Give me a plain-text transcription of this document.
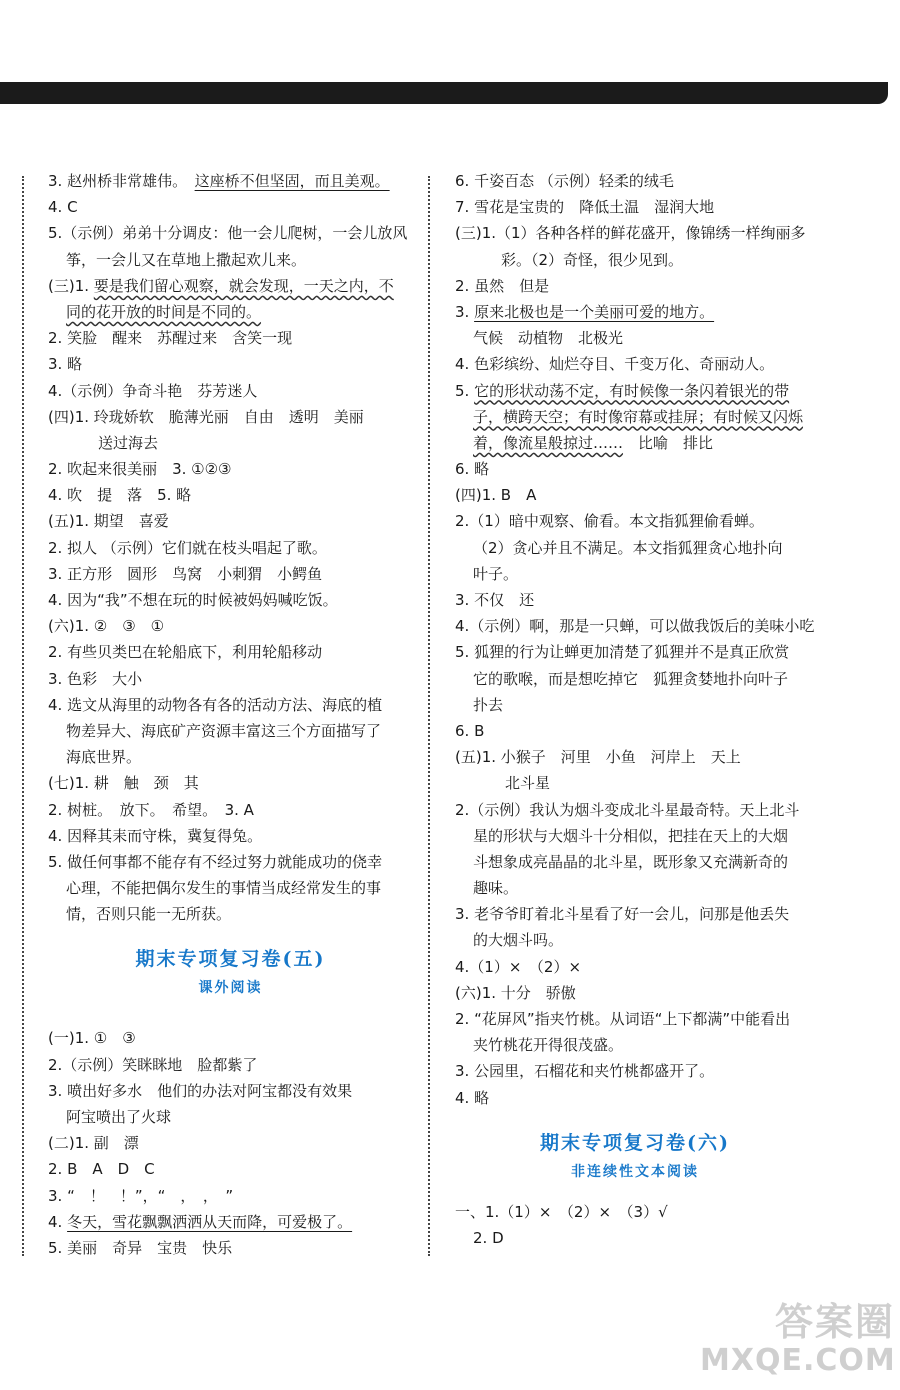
3. 赵州桥非常雄伟。　 这座桥不但坚固，而且美观。
4. C
5.（示例）弟弟十分调皮：他一会儿爬树，一会儿放风
筝，一会儿又在草地上撒起欢儿来。
(三)1. 要是我们留心观察，就会发现，一天之内，不
同的花开放的时间是不同的。
2. 笑脸　醒来　苏醒过来　含笑一现
3. 略
4.（示例）争奇斗艳　芬芳迷人
(四)1. 玲珑娇软　脆薄光丽　自由　透明　美丽
送过海去
2. 吹起来很美丽　3. ①②③
4. 吹　提　落　5. 略
(五)1. 期望　喜爱
2. 拟人 （示例）它们就在枝头唱起了歌。
3. 正方形　圆形　鸟窝　小刺猬　小鳄鱼
4. 因为“我”不想在玩的时候被妈妈喊吃饭。
(六)1. ②　③　①
2. 有些贝类巴在轮船底下，利用轮船移动
3. 色彩　大小
4. 选文从海里的动物各有各的活动方法、海底的植
物差异大、海底矿产资源丰富这三个方面描写了
海底世界。
(七)1. 耕　触　颈　其
2. 树桩。　放下。　希望。　3. A
4. 因释其耒而守株，冀复得兔。
5. 做任何事都不能存有不经过努力就能成功的侥幸
心理，不能把偶尔发生的事情当成经常发生的事
情，否则只能一无所获。
期末专项复习卷(五)
课外阅读
(一)1. ①　③
2.（示例）笑眯眯地　脸都紫了
3. 喷出好多水　他们的办法对阿宝都没有效果
阿宝喷出了火球
(二)1. 副　漂
2. B　A　D　C
3. “　！　！”，“　，　，　”
4. 冬天，雪花飘飘洒洒从天而降，可爱极了。
5. 美丽　奇异　宝贵　快乐
6. 千姿百态 （示例）轻柔的绒毛
7. 雪花是宝贵的　降低土温　湿润大地
(三)1.（1）各种各样的鲜花盛开，像锦绣一样绚丽多
彩。（2）奇怪，很少见到。
2. 虽然　但是
3. 原来北极也是一个美丽可爱的地方。
气候　动植物　北极光
4. 色彩缤纷、灿烂夺目、千变万化、奇丽动人。
5. 它的形状动荡不定，有时候像一条闪着银光的带
子，横跨天空；有时像帘幕或挂屏；有时候又闪烁
着，像流星般掠过……　比喻　排比
6. 略
(四)1. B　A
2.（1）暗中观察、偷看。本文指狐狸偷看蝉。
（2）贪心并且不满足。本文指狐狸贪心地扑向
叶子。
3. 不仅　还
4.（示例）啊，那是一只蝉，可以做我饭后的美味小吃
5. 狐狸的行为让蝉更加清楚了狐狸并不是真正欣赏
它的歌喉，而是想吃掉它　狐狸贪婪地扑向叶子
扑去
6. B
(五)1. 小猴子　河里　小鱼　河岸上　天上
北斗星
2.（示例）我认为烟斗变成北斗星最奇特。天上北斗
星的形状与大烟斗十分相似，把挂在天上的大烟
斗想象成亮晶晶的北斗星，既形象又充满新奇的
趣味。
3. 老爷爷盯着北斗星看了好一会儿，问那是他丢失
的大烟斗吗。
4.（1）×　（2）×
(六)1. 十分　骄傲
2. “花屏风”指夹竹桃。从词语“上下都满”中能看出
夹竹桃花开得很茂盛。
3. 公园里，石榴花和夹竹桃都盛开了。
4. 略
期末专项复习卷(六)
非连续性文本阅读
一、1.（1）×　（2）×　（3）√
2. D
答案圈
MXQE.COM
